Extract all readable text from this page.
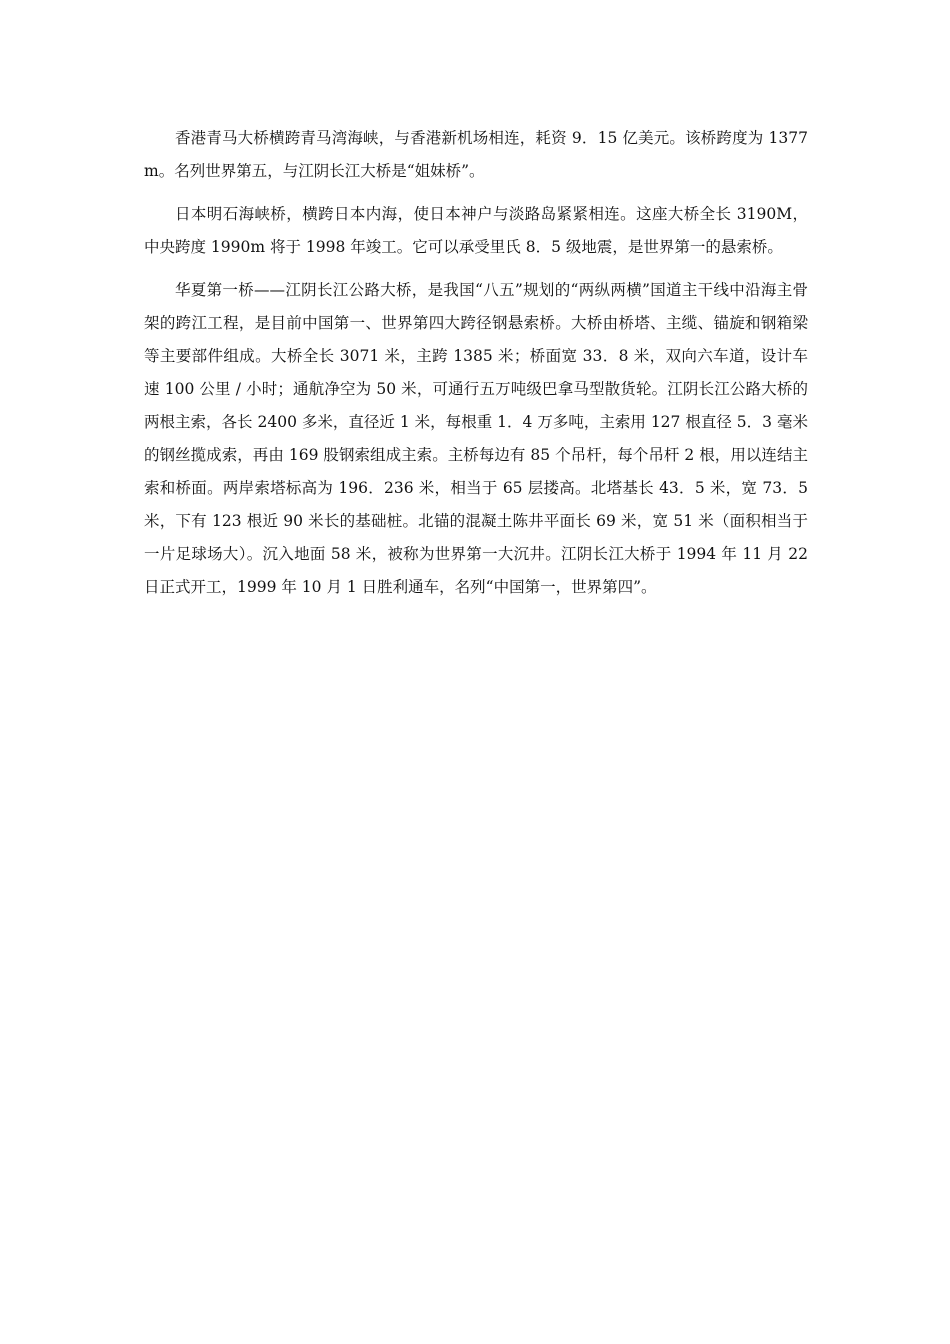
香港青马大桥横跨青马湾海峡，与香港新机场相连，耗资 9．15 亿美元。该桥跨度为 1377m。名列世界第五，与江阴长江大桥是“姐妹桥”。

日本明石海峡桥，横跨日本内海，使日本神户与淡路岛紧紧相连。这座大桥全长 3190M，中央跨度 1990m 将于 1998 年竣工。它可以承受里氏 8．5 级地震，是世界第一的悬索桥。

华夏第一桥——江阴长江公路大桥，是我国“八五”规划的“两纵两横”国道主干线中沿海主骨架的跨江工程，是目前中国第一、世界第四大跨径钢悬索桥。大桥由桥塔、主缆、锚旋和钢箱梁等主要部件组成。大桥全长 3071 米，主跨 1385 米；桥面宽 33．8 米，双向六车道，设计车速 100 公里 / 小时；通航净空为 50 米，可通行五万吨级巴拿马型散货轮。江阴长江公路大桥的两根主索，各长 2400 多米，直径近 1 米，每根重 1．4 万多吨，主索用 127 根直径 5．3 毫米的钢丝揽成索，再由 169 股钢索组成主索。主桥每边有 85 个吊杆，每个吊杆 2 根，用以连结主索和桥面。两岸索塔标高为 196．236 米，相当于 65 层搂高。北塔基长 43．5 米，宽 73．5 米，下有 123 根近 90 米长的基础桩。北锚的混凝土陈井平面长 69 米，宽 51 米（面积相当于一片足球场大）。沉入地面 58 米，被称为世界第一大沉井。江阴长江大桥于 1994 年 11 月 22 日正式开工，1999 年 10 月 1 日胜利通车，名列“中国第一，世界第四”。
